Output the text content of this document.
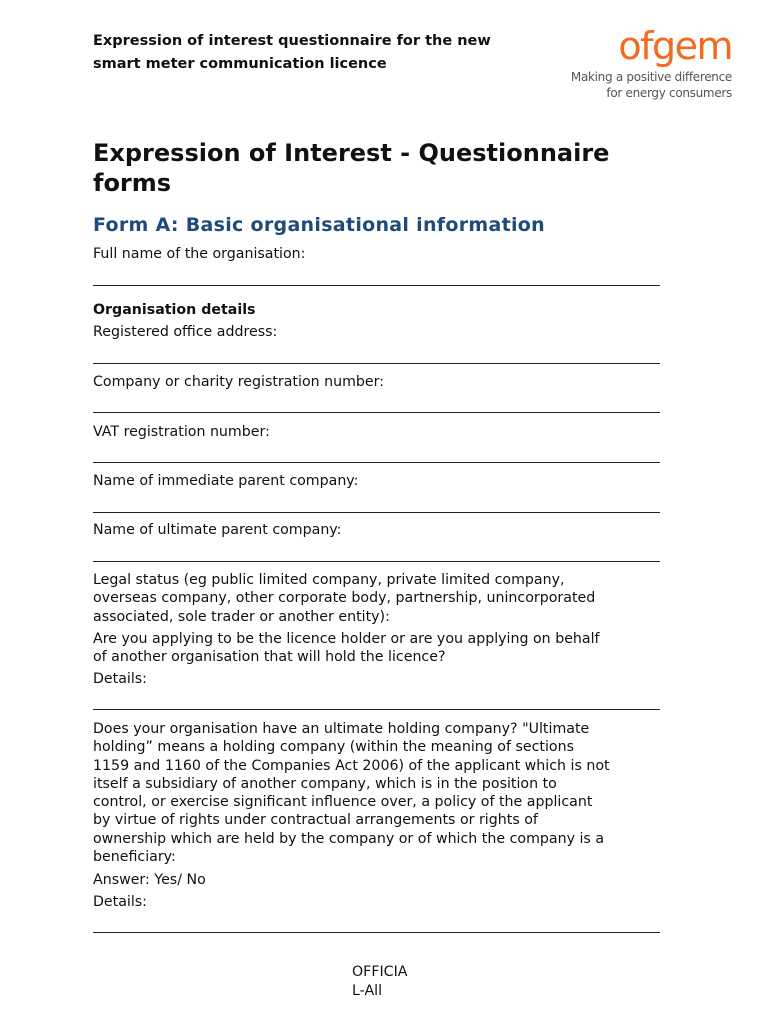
Expression of interest questionnaire for the new
smart meter communication licence	ofgem
Making a positive difference
for energy consumers
Expression of Interest - Questionnaire
forms
Form A: Basic organisational information
Full name of the organisation:
Organisation details
Registered office address:
Company or charity registration number:
VAT registration number:
Name of immediate parent company:
Name of ultimate parent company:
Legal status (eg public limited company, private limited company,
overseas company, other corporate body, partnership, unincorporated
associated, sole trader or another entity):
Are you applying to be the licence holder or are you applying on behalf
of another organisation that will hold the licence?
Details:
Does your organisation have an ultimate holding company? "Ultimate
holding” means a holding company (within the meaning of sections
1159 and 1160 of the Companies Act 2006) of the applicant which is not
itself a subsidiary of another company, which is in the position to
control, or exercise significant influence over, a policy of the applicant
by virtue of rights under contractual arrangements or rights of
ownership which are held by the company or of which the company is a
beneficiary:
Answer: Yes/ No
Details:
OFFICIA
L-All
